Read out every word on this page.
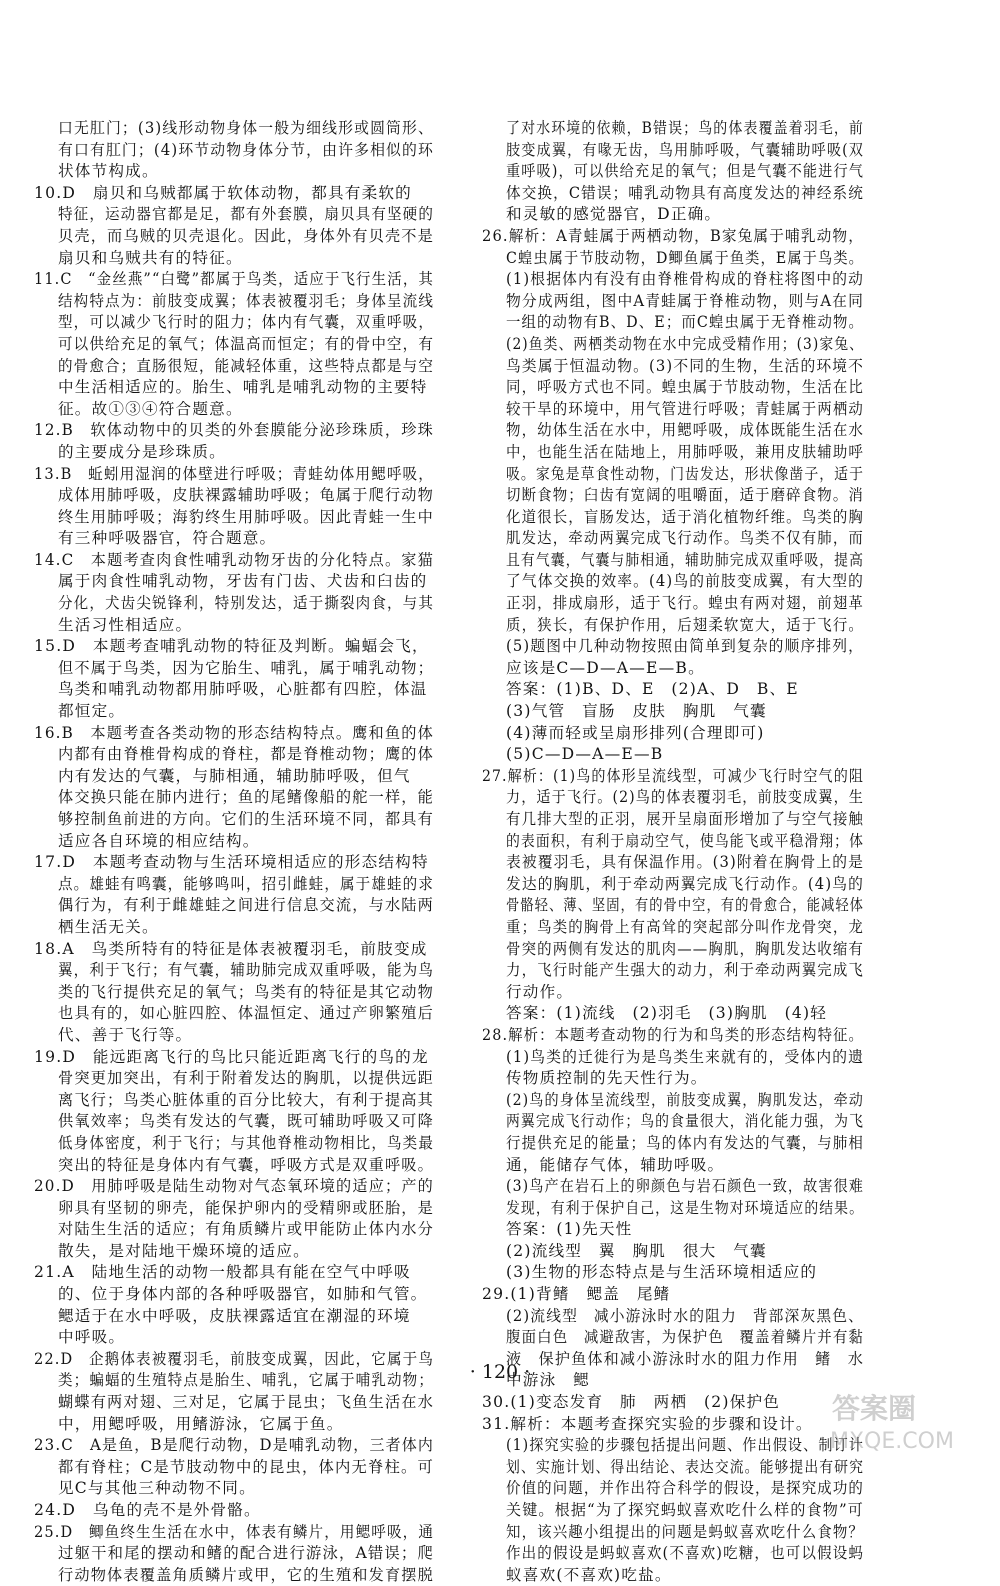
口无肛门；(3)线形动物身体一般为细线形或圆筒形、
有口有肛门；(4)环节动物身体分节，由许多相似的环
状体节构成。
10.D　扇贝和乌贼都属于软体动物，都具有柔软的
特征，运动器官都是足，都有外套膜，扇贝具有坚硬的
贝壳，而乌贼的贝壳退化。因此，身体外有贝壳不是
扇贝和乌贼共有的特征。
11.C　“金丝燕”“白鹭”都属于鸟类，适应于飞行生活，其
结构特点为：前肢变成翼；体表被覆羽毛；身体呈流线
型，可以减少飞行时的阻力；体内有气囊，双重呼吸，
可以供给充足的氧气；体温高而恒定；有的骨中空，有
的骨愈合；直肠很短，能减轻体重，这些特点都是与空
中生活相适应的。胎生、哺乳是哺乳动物的主要特
征。故①③④符合题意。
12.B　软体动物中的贝类的外套膜能分泌珍珠质，珍珠
的主要成分是珍珠质。
13.B　蚯蚓用湿润的体壁进行呼吸；青蛙幼体用鳃呼吸，
成体用肺呼吸，皮肤裸露辅助呼吸；龟属于爬行动物
终生用肺呼吸；海豹终生用肺呼吸。因此青蛙一生中
有三种呼吸器官，符合题意。
14.C　本题考查肉食性哺乳动物牙齿的分化特点。家猫
属于肉食性哺乳动物，牙齿有门齿、犬齿和臼齿的
分化，犬齿尖锐锋利，特别发达，适于撕裂肉食，与其
生活习性相适应。
15.D　本题考查哺乳动物的特征及判断。蝙蝠会飞，
但不属于鸟类，因为它胎生、哺乳，属于哺乳动物；
鸟类和哺乳动物都用肺呼吸，心脏都有四腔，体温
都恒定。
16.B　本题考查各类动物的形态结构特点。鹰和鱼的体
内都有由脊椎骨构成的脊柱，都是脊椎动物；鹰的体
内有发达的气囊，与肺相通，辅助肺呼吸，但气
体交换只能在肺内进行；鱼的尾鳍像船的舵一样，能
够控制鱼前进的方向。它们的生活环境不同，都具有
适应各自环境的相应结构。
17.D　本题考查动物与生活环境相适应的形态结构特
点。雄蛙有鸣囊，能够鸣叫，招引雌蛙，属于雄蛙的求
偶行为，有利于雌雄蛙之间进行信息交流，与水陆两
栖生活无关。
18.A　鸟类所特有的特征是体表被覆羽毛，前肢变成
翼，利于飞行；有气囊，辅助肺完成双重呼吸，能为鸟
类的飞行提供充足的氧气；鸟类有的特征是其它动物
也具有的，如心脏四腔、体温恒定、通过产卵繁殖后
代、善于飞行等。
19.D　能远距离飞行的鸟比只能近距离飞行的鸟的龙
骨突更加突出，有利于附着发达的胸肌，以提供远距
离飞行；鸟类心脏体重的百分比较大，有利于提高其
供氧效率；鸟类有发达的气囊，既可辅助呼吸又可降
低身体密度，利于飞行；与其他脊椎动物相比，鸟类最
突出的特征是身体内有气囊，呼吸方式是双重呼吸。
20.D　用肺呼吸是陆生动物对气态氧环境的适应；产的
卵具有坚韧的卵壳，能保护卵内的受精卵或胚胎，是
对陆生生活的适应；有角质鳞片或甲能防止体内水分
散失，是对陆地干燥环境的适应。
21.A　陆地生活的动物一般都具有能在空气中呼吸
的、位于身体内部的各种呼吸器官，如肺和气管。
鳃适于在水中呼吸，皮肤裸露适宜在潮湿的环境
中呼吸。
22.D　企鹅体表被覆羽毛，前肢变成翼，因此，它属于鸟
类；蝙蝠的生殖特点是胎生、哺乳，它属于哺乳动物；
蝴蝶有两对翅、三对足，它属于昆虫；飞鱼生活在水
中，用鳃呼吸，用鳍游泳，它属于鱼。
23.C　A是鱼，B是爬行动物，D是哺乳动物，三者体内
都有脊柱；C是节肢动物中的昆虫，体内无脊柱。可
见C与其他三种动物不同。
24.D　乌龟的壳不是外骨骼。
25.D　鲫鱼终生生活在水中，体表有鳞片，用鳃呼吸，通
过躯干和尾的摆动和鳍的配合进行游泳，A错误；爬
行动物体表覆盖角质鳞片或甲，它的生殖和发育摆脱
了对水环境的依赖，B错误；鸟的体表覆盖着羽毛，前
肢变成翼，有喙无齿，鸟用肺呼吸，气囊辅助呼吸(双
重呼吸)，可以供给充足的氧气；但是气囊不能进行气
体交换，C错误；哺乳动物具有高度发达的神经系统
和灵敏的感觉器官，D正确。
26.解析：A青蛙属于两栖动物，B家兔属于哺乳动物，
C蝗虫属于节肢动物，D鲫鱼属于鱼类，E属于鸟类。
(1)根据体内有没有由脊椎骨构成的脊柱将图中的动
物分成两组，图中A青蛙属于脊椎动物，则与A在同
一组的动物有B、D、E；而C蝗虫属于无脊椎动物。
(2)鱼类、两栖类动物在水中完成受精作用；(3)家兔、
鸟类属于恒温动物。(3)不同的生物，生活的环境不
同，呼吸方式也不同。蝗虫属于节肢动物，生活在比
较干旱的环境中，用气管进行呼吸；青蛙属于两栖动
物，幼体生活在水中，用鳃呼吸，成体既能生活在水
中，也能生活在陆地上，用肺呼吸，兼用皮肤辅助呼
吸。家兔是草食性动物，门齿发达，形状像凿子，适于
切断食物；臼齿有宽阔的咀嚼面，适于磨碎食物。消
化道很长，盲肠发达，适于消化植物纤维。鸟类的胸
肌发达，牵动两翼完成飞行动作。鸟类不仅有肺，而
且有气囊，气囊与肺相通，辅助肺完成双重呼吸，提高
了气体交换的效率。(4)鸟的前肢变成翼，有大型的
正羽，排成扇形，适于飞行。蝗虫有两对翅，前翅革
质，狭长，有保护作用，后翅柔软宽大，适于飞行。
(5)题图中几种动物按照由简单到复杂的顺序排列，
应该是C—D—A—E—B。
答案：(1)B、D、E　(2)A、D　B、E
(3)气管　盲肠　皮肤　胸肌　气囊
(4)薄而轻或呈扇形排列(合理即可)
(5)C—D—A—E—B
27.解析：(1)鸟的体形呈流线型，可减少飞行时空气的阻
力，适于飞行。(2)鸟的体表覆羽毛，前肢变成翼，生
有几排大型的正羽，展开呈扇面形增加了与空气接触
的表面积，有利于扇动空气，使鸟能飞或平稳滑翔；体
表被覆羽毛，具有保温作用。(3)附着在胸骨上的是
发达的胸肌，利于牵动两翼完成飞行动作。(4)鸟的
骨骼轻、薄、坚固，有的骨中空，有的骨愈合，能减轻体
重；鸟类的胸骨上有高耸的突起部分叫作龙骨突，龙
骨突的两侧有发达的肌肉——胸肌，胸肌发达收缩有
力，飞行时能产生强大的动力，利于牵动两翼完成飞
行动作。
答案：(1)流线　(2)羽毛　(3)胸肌　(4)轻
28.解析：本题考查动物的行为和鸟类的形态结构特征。
(1)鸟类的迁徙行为是鸟类生来就有的，受体内的遗
传物质控制的先天性行为。
(2)鸟的身体呈流线型，前肢变成翼，胸肌发达，牵动
两翼完成飞行动作；鸟的食量很大，消化能力强，为飞
行提供充足的能量；鸟的体内有发达的气囊，与肺相
通，能储存气体，辅助呼吸。
(3)鸟产在岩石上的卵颜色与岩石颜色一致，故害很难
发现，有利于保护自己，这是生物对环境适应的结果。
答案：(1)先天性
(2)流线型　翼　胸肌　很大　气囊
(3)生物的形态特点是与生活环境相适应的
29.(1)背鳍　鳃盖　尾鳍
(2)流线型　减小游泳时水的阻力　背部深灰黑色、
腹面白色　减避敌害，为保护色　覆盖着鳞片并有黏
液　保护鱼体和减小游泳时水的阻力作用　鳍　水
中游泳　鳃
30.(1)变态发育　肺　两栖　(2)保护色
31.解析：本题考查探究实验的步骤和设计。
(1)探究实验的步骤包括提出问题、作出假设、制订计
划、实施计划、得出结论、表达交流。能够提出有研究
价值的问题，并作出符合科学的假设，是探究成功的
关键。根据“为了探究蚂蚁喜欢吃什么样的食物”可
知，该兴趣小组提出的问题是蚂蚁喜欢吃什么食物？
作出的假设是蚂蚁喜欢(不喜欢)吃糖，也可以假设蚂
蚁喜欢(不喜欢)吃盐。
· 120 ·
答案圈
MXQE.COM
